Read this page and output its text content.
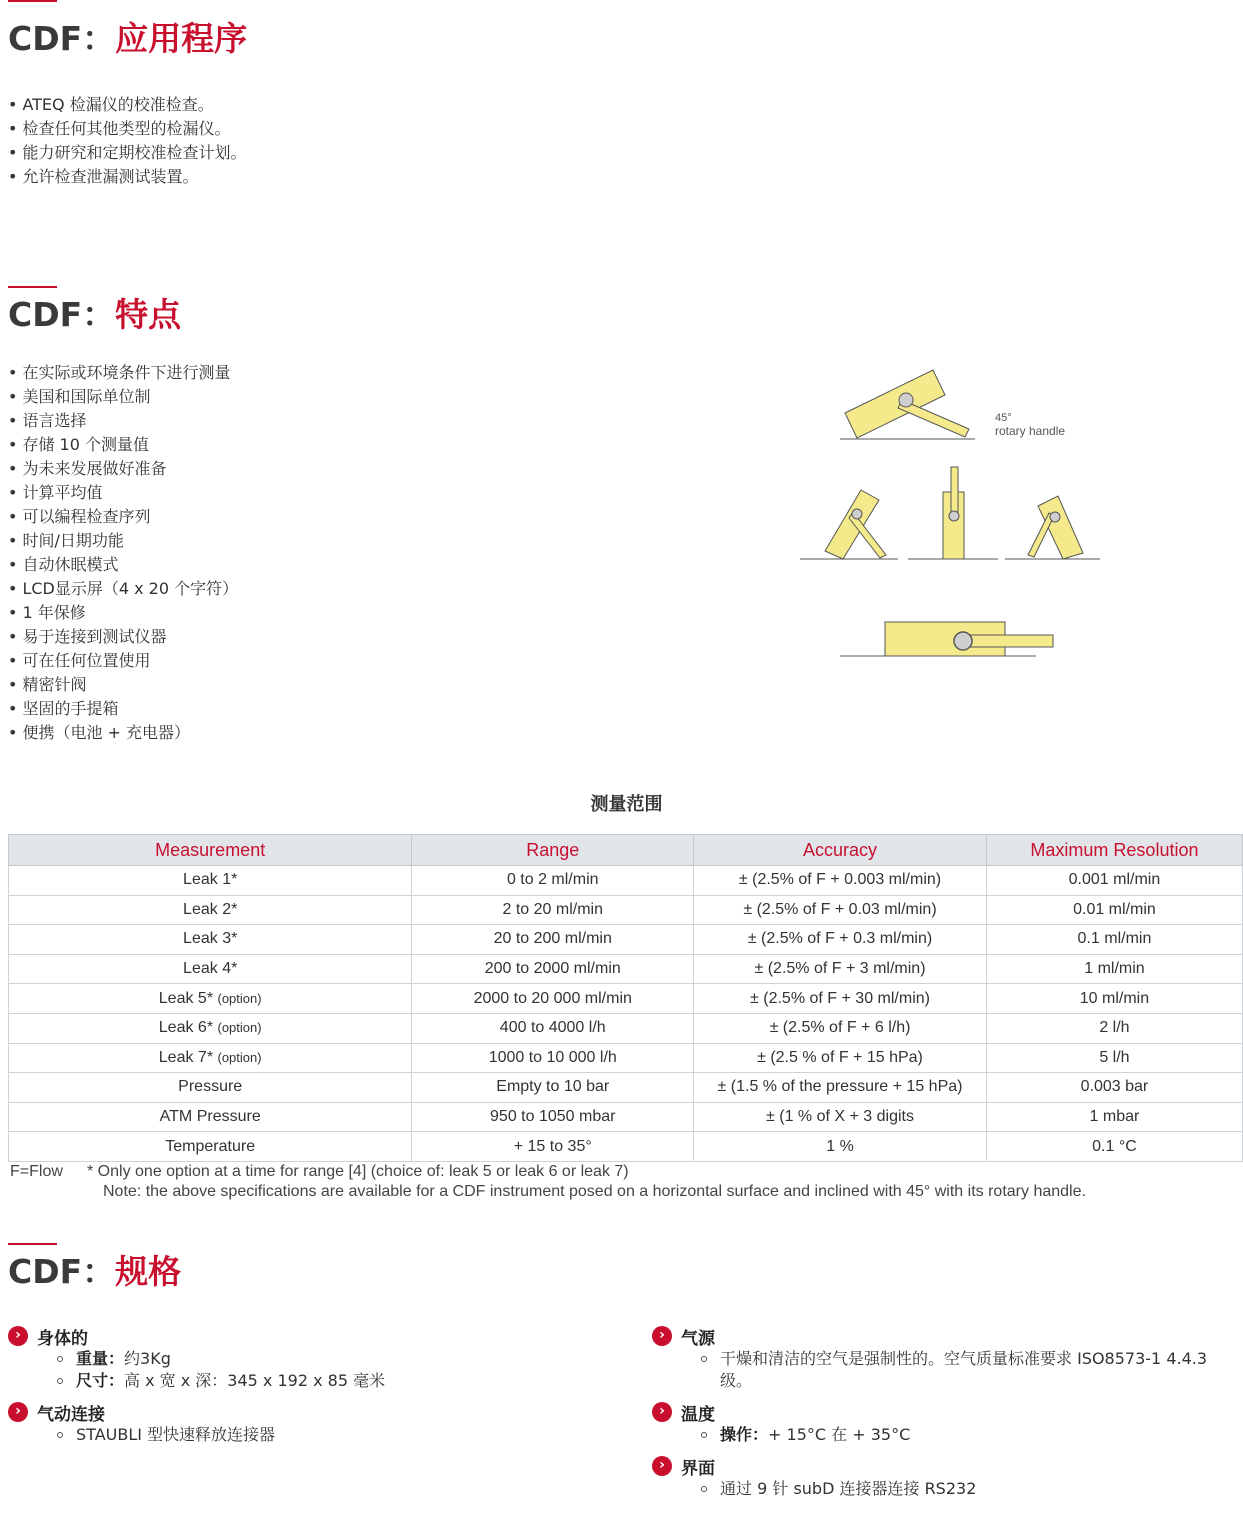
CDF：应用程序
• ATEQ 检漏仪的校准检查。
• 检查任何其他类型的检漏仪。
• 能力研究和定期校准检查计划。
• 允许检查泄漏测试装置。
CDF：特点
• 在实际或环境条件下进行测量
• 美国和国际单位制
• 语言选择
• 存储 10 个测量值
• 为未来发展做好准备
• 计算平均值
• 可以编程检查序列
• 时间/日期功能
• 自动休眠模式
• LCD显示屏（4 x 20 个字符）
• 1 年保修
• 易于连接到测试仪器
• 可在任何位置使用
• 精密针阀
• 坚固的手提箱
• 便携（电池 + 充电器）
45°
rotary handle
测量范围
Measurement	Range	Accuracy	Maximum Resolution
Leak 1*	0 to 2 ml/min	± (2.5% of F + 0.003 ml/min)	0.001 ml/min
Leak 2*	2 to 20 ml/min	± (2.5% of F + 0.03 ml/min)	0.01 ml/min
Leak 3*	20 to 200 ml/min	± (2.5% of F + 0.3 ml/min)	0.1 ml/min
Leak 4*	200 to 2000 ml/min	± (2.5% of F + 3 ml/min)	1 ml/min
Leak 5* (option)	2000 to 20 000 ml/min	± (2.5% of F + 30 ml/min)	10 ml/min
Leak 6* (option)	400 to 4000 l/h	± (2.5% of F + 6 l/h)	2 l/h
Leak 7* (option)	1000 to 10 000 l/h	± (2.5 % of F + 15 hPa)	5 l/h
Pressure	Empty to 10 bar	± (1.5 % of the pressure + 15 hPa)	0.003 bar
ATM Pressure	950 to 1050 mbar	± (1 % of X + 3 digits	1 mbar
Temperature	+ 15 to 35°	1 %	0.1 °C
F=Flow * Only one option at a time for range [4] (choice of: leak 5 or leak 6 or leak 7)
Note: the above specifications are available for a CDF instrument posed on a horizontal surface and inclined with 45° with its rotary handle.
CDF：规格
› 身体的
重量：约3Kg
尺寸：高 x 宽 x 深：345 x 192 x 85 毫米
› 气动连接
STAUBLI 型快速释放连接器
› 气源
干燥和清洁的空气是强制性的。空气质量标准要求 ISO8573-1 4.4.3 级。
› 温度
操作：+ 15°C 在 + 35°C
› 界面
通过 9 针 subD 连接器连接 RS232
